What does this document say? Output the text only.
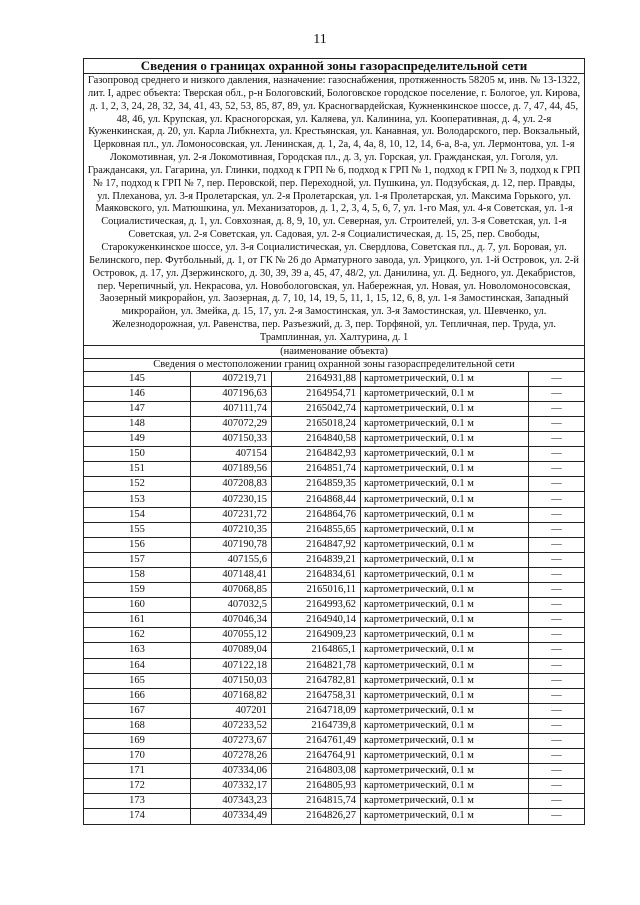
11
Сведения о границах охранной зоны газораспределительной сети				
Газопровод среднего и низкого давления, назначение: газоснабжения, протяженность 58205 м, инв. № 13-1322, лит. I, адрес объекта: Тверская обл., р-н Бологовский, Бологовское городское поселение, г. Бологое, ул. Кирова, д. 1, 2, 3, 24, 28, 32, 34, 41, 43, 52, 53, 85, 87, 89, ул. Красногвардейская, Кужненкинское шоссе, д. 7, 47, 44, 45, 48, 46, ул. Крупская, ул. Красногорская, ул. Каляева, ул. Калинина, ул. Кооперативная, д. 4, ул. 2-я Кужeнкинская, д. 20, ул. Карла Либкнехта, ул. Крестьянская, ул. Канавная, ул. Володарского, пер. Вокзальный, Церковная пл., ул. Ломоносовская, ул. Ленинская, д. 1, 2а, 4, 4а, 8, 10, 12, 14, 6-а, 8-а, ул. Лермонтова, ул. 1-я Локомотивная, ул. 2-я Локомотивная, Городская пл., д. 3, ул. Горская, ул. Гражданская, ул. Гоголя, ул. Граждансакя, ул. Гагарина, ул. Глинки, подход к ГРП № 6, подход к ГРП № 1, подход к ГРП № 3, подход к ГРП № 17, подход к ГРП № 7, пер. Перовской, пер. Переходной, ул. Пушкина, ул. Подзубская, д. 12, пер. Правды, ул. Плеханова, ул. 3-я Пролетарская, ул. 2-я Пролетарская, ул. 1-я Пролетарская, ул. Максима Горького, ул. Маяковского, ул. Матюшкина, ул. Механизаторов, д. 1, 2, 3, 4, 5, 6, 7, ул. 1-го Мая, ул. 4-я Советская, ул. 1-я Социалистическая, д. 1, ул. Совхозная, д. 8, 9, 10, ул. Северная, ул. Строителей, ул. 3-я Советская, ул. 1-я Советская, ул. 2-я Советская, ул. Садовая, ул. 2-я Социалистическая, д. 15, 25, пер. Свободы, Старокуженкинское шоссе, ул. 3-я Социалистическая, ул. Свердлова, Советская пл., д. 7, ул. Боровая, ул. Белинского, пер. Футбольный, д. 1, от ГК № 26 до Арматурного завода, ул. Урицкого, ул. 1-й Островок, ул. 2-й Островок, д. 17, ул. Дзержинского, д. 30, 39, 39 а, 45, 47, 48/2, ул. Данилина, ул. Д. Бедного, ул. Декабристов, пер. Черепичный, ул. Некрасова, ул. Новобологовская, ул. Набережная, ул. Новая, ул. Новоломоносовская, Заозерный микрорайон, ул. Заозерная, д. 7, 10, 14, 19, 5, 11, 1, 15, 12, 6, 8, ул. 1-я Замостинская, Западный микрорайон, ул. Змейка, д. 15, 17, ул. 2-я Замостинская, ул. 3-я Замостинская, ул. Шевченко, ул. Железнодорожная, ул. Равенства, пер. Разъезжий, д. 3, пер. Торфяной, ул. Тепличная, пер. Труда, ул. Трамплинная, ул. Халтурина, д. 1				
(наименование объекта)				
Сведения о местоположении границ охранной зоны газораспределительной сети				
145	407219,71	2164931,88	картометрический, 0.1 м	—
146	407196,63	2164954,71	картометрический, 0.1 м	—
147	407111,74	2165042,74	картометрический, 0.1 м	—
148	407072,29	2165018,24	картометрический, 0.1 м	—
149	407150,33	2164840,58	картометрический, 0.1 м	—
150	407154	2164842,93	картометрический, 0.1 м	—
151	407189,56	2164851,74	картометрический, 0.1 м	—
152	407208,83	2164859,35	картометрический, 0.1 м	—
153	407230,15	2164868,44	картометрический, 0.1 м	—
154	407231,72	2164864,76	картометрический, 0.1 м	—
155	407210,35	2164855,65	картометрический, 0.1 м	—
156	407190,78	2164847,92	картометрический, 0.1 м	—
157	407155,6	2164839,21	картометрический, 0.1 м	—
158	407148,41	2164834,61	картометрический, 0.1 м	—
159	407068,85	2165016,11	картометрический, 0.1 м	—
160	407032,5	2164993,62	картометрический, 0.1 м	—
161	407046,34	2164940,14	картометрический, 0.1 м	—
162	407055,12	2164909,23	картометрический, 0.1 м	—
163	407089,04	2164865,1	картометрический, 0.1 м	—
164	407122,18	2164821,78	картометрический, 0.1 м	—
165	407150,03	2164782,81	картометрический, 0.1 м	—
166	407168,82	2164758,31	картометрический, 0.1 м	—
167	407201	2164718,09	картометрический, 0.1 м	—
168	407233,52	2164739,8	картометрический, 0.1 м	—
169	407273,67	2164761,49	картометрический, 0.1 м	—
170	407278,26	2164764,91	картометрический, 0.1 м	—
171	407334,06	2164803,08	картометрический, 0.1 м	—
172	407332,17	2164805,93	картометрический, 0.1 м	—
173	407343,23	2164815,74	картометрический, 0.1 м	—
174	407334,49	2164826,27	картометрический, 0.1 м	—
